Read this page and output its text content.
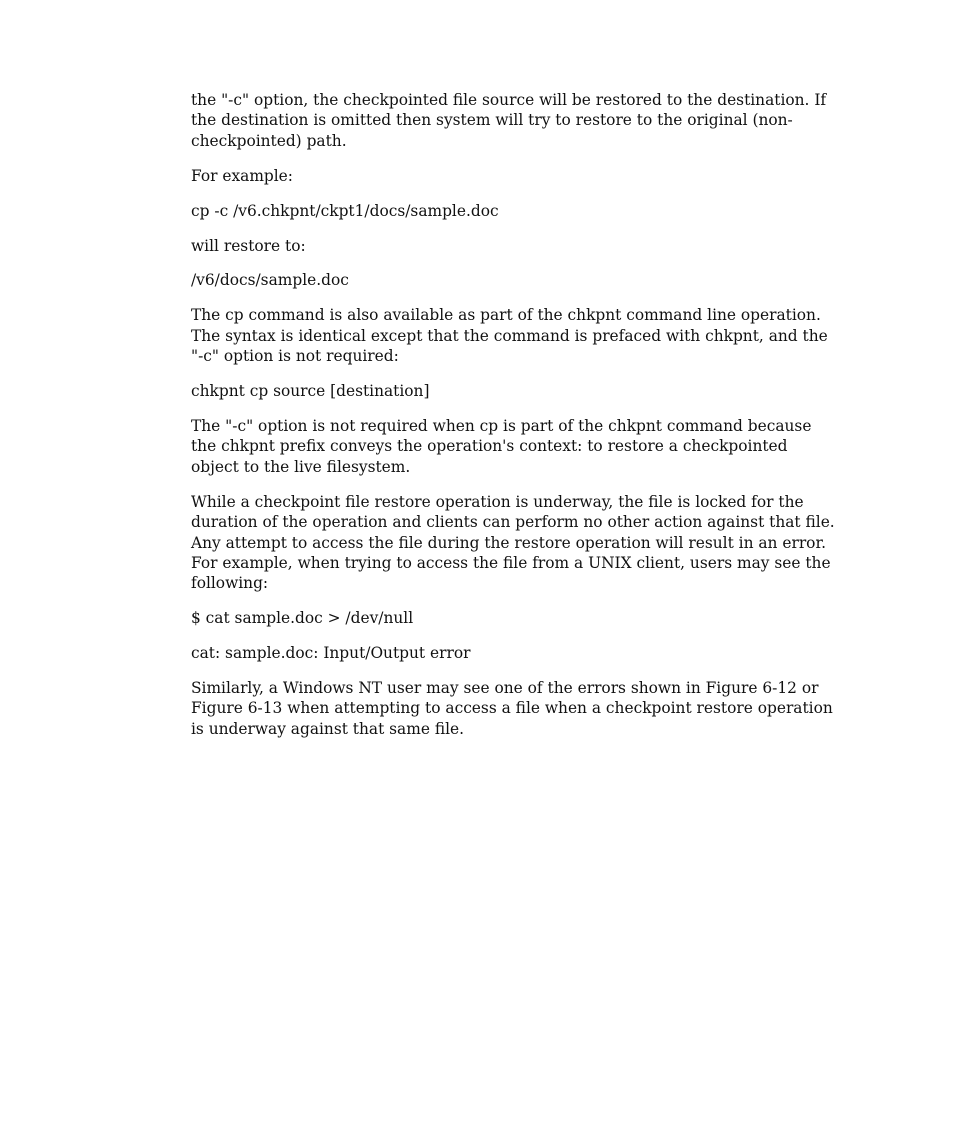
the "-c" option, the checkpointed file source will be restored to the destination. If the destination is omitted then system will try to restore to the original (non-checkpointed) path.

For example:

cp -c /v6.chkpnt/ckpt1/docs/sample.doc

will restore to:

/v6/docs/sample.doc

The cp command is also available as part of the chkpnt command line operation. The syntax is identical except that the command is prefaced with chkpnt, and the "-c" option is not required:

chkpnt cp source [destination]

The "-c" option is not required when cp is part of the chkpnt command because the chkpnt prefix conveys the operation's context: to restore a checkpointed object to the live filesystem.

While a checkpoint file restore operation is underway, the file is locked for the duration of the operation and clients can perform no other action against that file. Any attempt to access the file during the restore operation will result in an error. For example, when trying to access the file from a UNIX client, users may see the following:

$ cat sample.doc > /dev/null

cat: sample.doc: Input/Output error

Similarly, a Windows NT user may see one of the errors shown in Figure 6-12 or Figure 6-13 when attempting to access a file when a checkpoint restore operation is underway against that same file.
